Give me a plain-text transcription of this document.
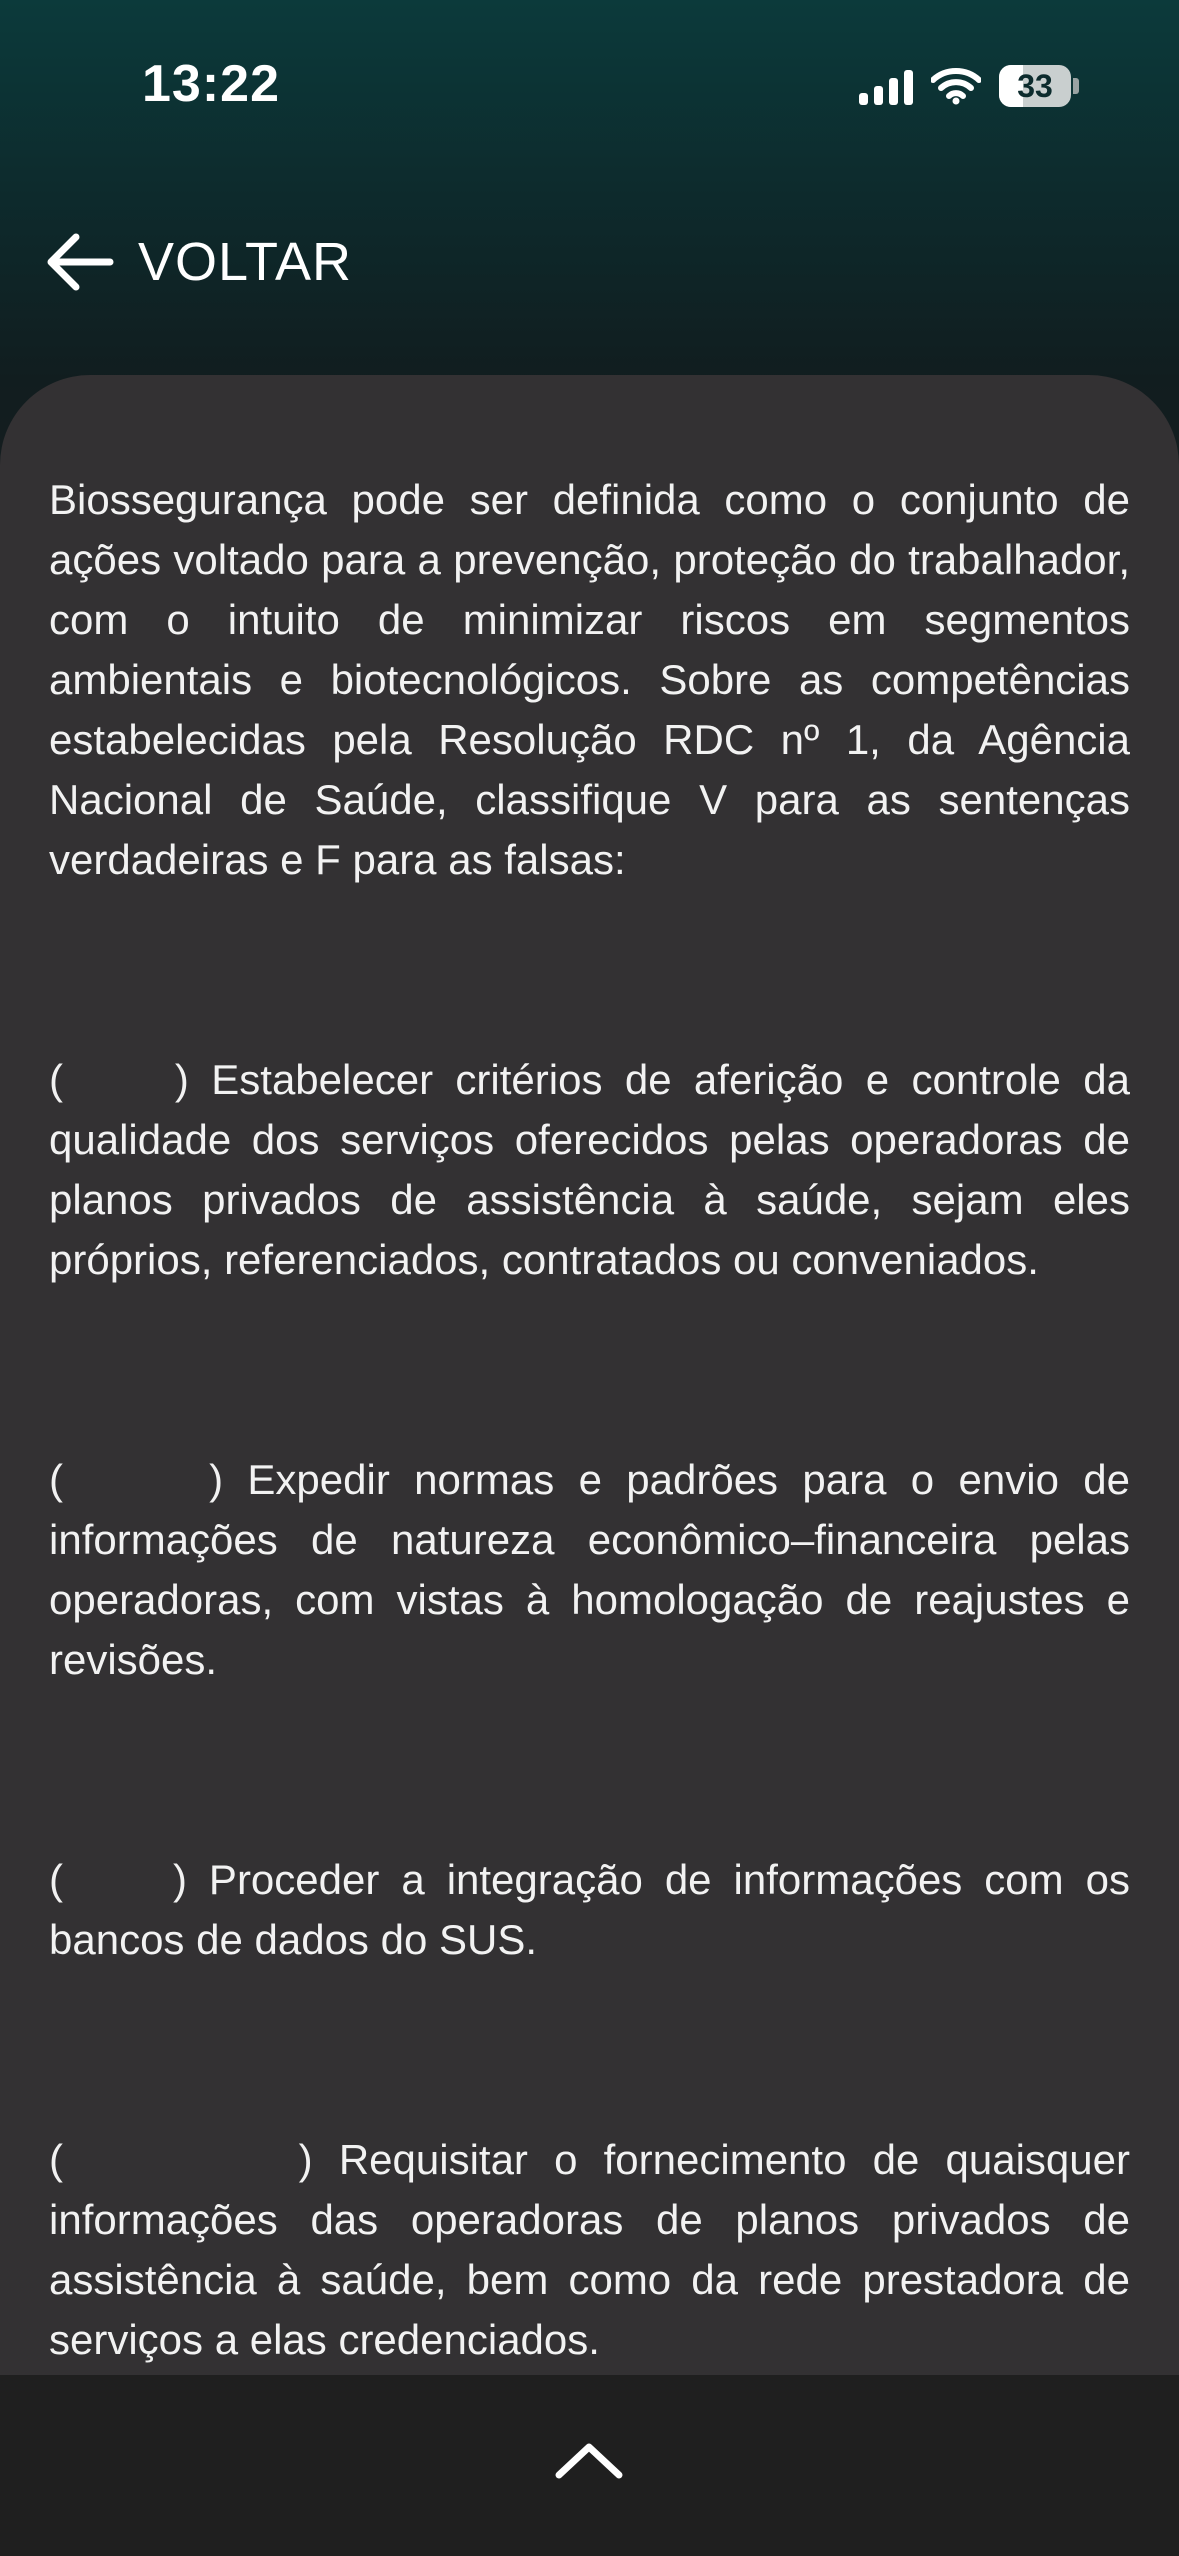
13:22	33
VOLTAR

Biossegurança pode ser definida como o conjunto de ações voltado para a prevenção, proteção do trabalhador, com o intuito de minimizar riscos em segmentos ambientais e biotecnológicos. Sobre as competências estabelecidas pela Resolução RDC nº 1, da Agência Nacional de Saúde, classifique V para as sentenças verdadeiras e F para as falsas:

(     ) Estabelecer critérios de aferição e controle da qualidade dos serviços oferecidos pelas operadoras de planos privados de assistência à saúde, sejam eles próprios, referenciados, contratados ou conveniados.

(      ) Expedir normas e padrões para o envio de informações de natureza econômico–financeira pelas operadoras, com vistas à homologação de reajustes e revisões.

(     ) Proceder a integração de informações com os bancos de dados do SUS.

(         ) Requisitar o fornecimento de quaisquer informações das operadoras de planos privados de assistência à saúde, bem como da rede prestadora de serviços a elas credenciados.
